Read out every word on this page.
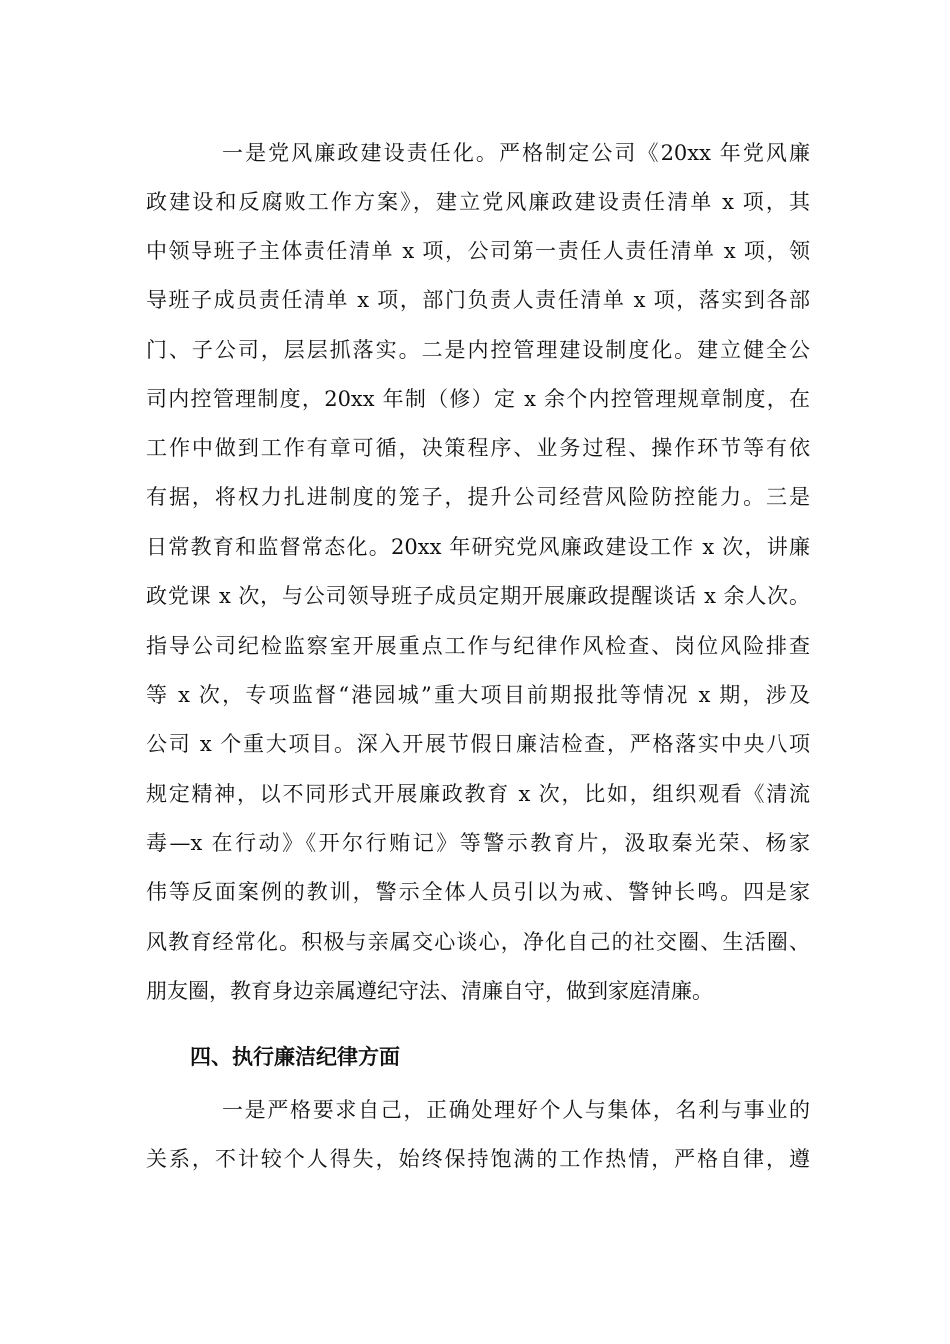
一是党风廉政建设责任化。严格制定公司《20xx 年党风廉
政建设和反腐败工作方案》，建立党风廉政建设责任清单 x 项，其
中领导班子主体责任清单 x 项，公司第一责任人责任清单 x 项，领
导班子成员责任清单 x 项，部门负责人责任清单 x 项，落实到各部
门、子公司，层层抓落实。二是内控管理建设制度化。建立健全公
司内控管理制度，20xx 年制（修）定 x 余个内控管理规章制度，在
工作中做到工作有章可循，决策程序、业务过程、操作环节等有依
有据，将权力扎进制度的笼子，提升公司经营风险防控能力。三是
日常教育和监督常态化。20xx 年研究党风廉政建设工作 x 次，讲廉
政党课 x 次，与公司领导班子成员定期开展廉政提醒谈话 x 余人次。
指导公司纪检监察室开展重点工作与纪律作风检查、岗位风险排查
等 x 次，专项监督“港园城”重大项目前期报批等情况 x 期，涉及
公司 x 个重大项目。深入开展节假日廉洁检查，严格落实中央八项
规定精神，以不同形式开展廉政教育 x 次，比如，组织观看《清流
毒—x 在行动》《开尔行贿记》等警示教育片，汲取秦光荣、杨家
伟等反面案例的教训，警示全体人员引以为戒、警钟长鸣。四是家
风教育经常化。积极与亲属交心谈心，净化自己的社交圈、生活圈、
朋友圈，教育身边亲属遵纪守法、清廉自守，做到家庭清廉。
四、执行廉洁纪律方面
一是严格要求自己，正确处理好个人与集体，名利与事业的
关系，不计较个人得失，始终保持饱满的工作热情，严格自律，遵
